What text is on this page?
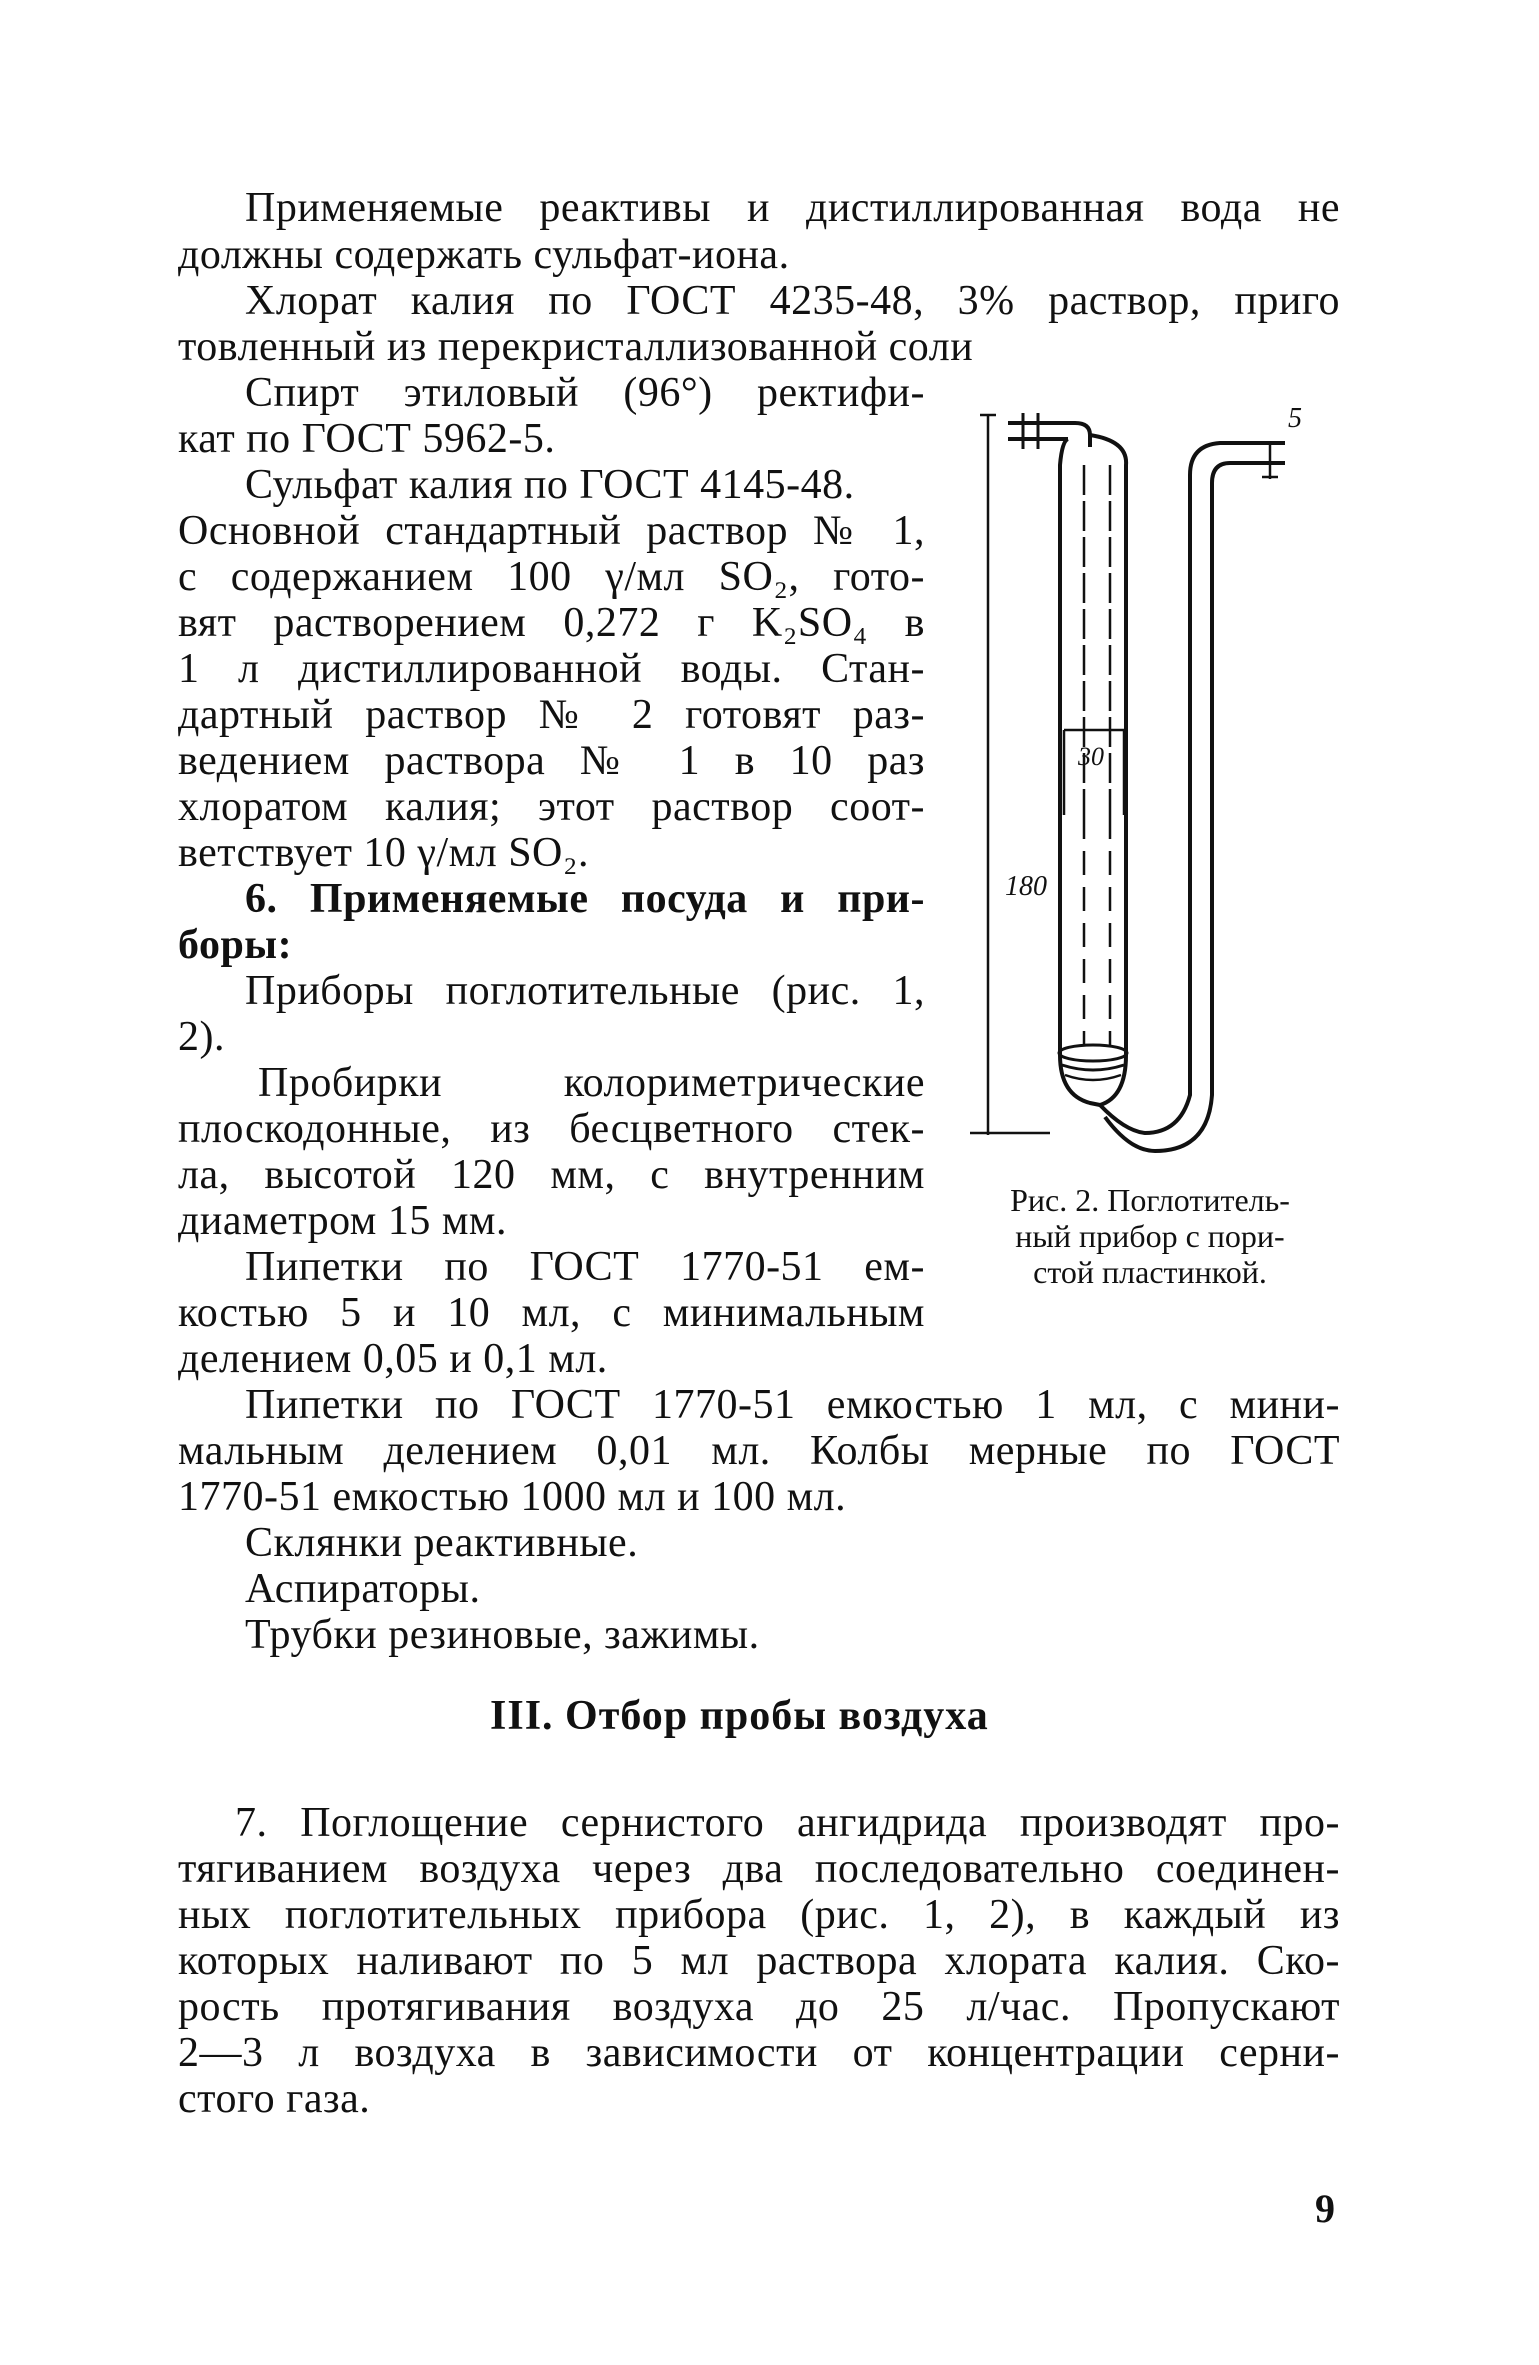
Применяемые реактивы и дистиллированная вода не
должны содержать сульфат-иона.
Хлорат калия по ГОСТ 4235-48, 3% раствор, приго
товленный из перекристаллизованной соли
Спирт этиловый (96°) ректифи-
кат по ГОСТ 5962-5.
Сульфат калия по ГОСТ 4145-48.
Основной стандартный раствор № 1,
с содержанием 100 γ/мл SO₂, гото-
вят растворением 0,272 г K₂SO₄ в
1 л дистиллированной воды. Стан-
дартный раствор № 2 готовят раз-
ведением раствора № 1 в 10 раз
хлоратом калия; этот раствор соот-
ветствует 10 γ/мл SO₂.
6. Применяемые посуда и при-
боры:
Приборы поглотительные (рис. 1,
2).
Пробирки колориметрические
плоскодонные, из бесцветного стек-
ла, высотой 120 мм, с внутренним
диаметром 15 мм.
Пипетки по ГОСТ 1770-51 ем-
костью 5 и 10 мл, с минимальным
делением 0,05 и 0,1 мл.
Пипетки по ГОСТ 1770-51 емкостью 1 мл, с мини-
мальным делением 0,01 мл. Колбы мерные по ГОСТ
1770-51 емкостью 1000 мл и 100 мл.
Склянки реактивные.
Аспираторы.
Трубки резиновые, зажимы.
180
30
5
Рис. 2. Поглотитель-
ный прибор с пори-
стой пластинкой.
III. Отбор пробы воздуха
7. Поглощение сернистого ангидрида производят про-
тягиванием воздуха через два последовательно соединен-
ных поглотительных прибора (рис. 1, 2), в каждый из
которых наливают по 5 мл раствора хлората калия. Ско-
рость протягивания воздуха до 25 л/час. Пропускают
2—3 л воздуха в зависимости от концентрации серни-
стого газа.
9
